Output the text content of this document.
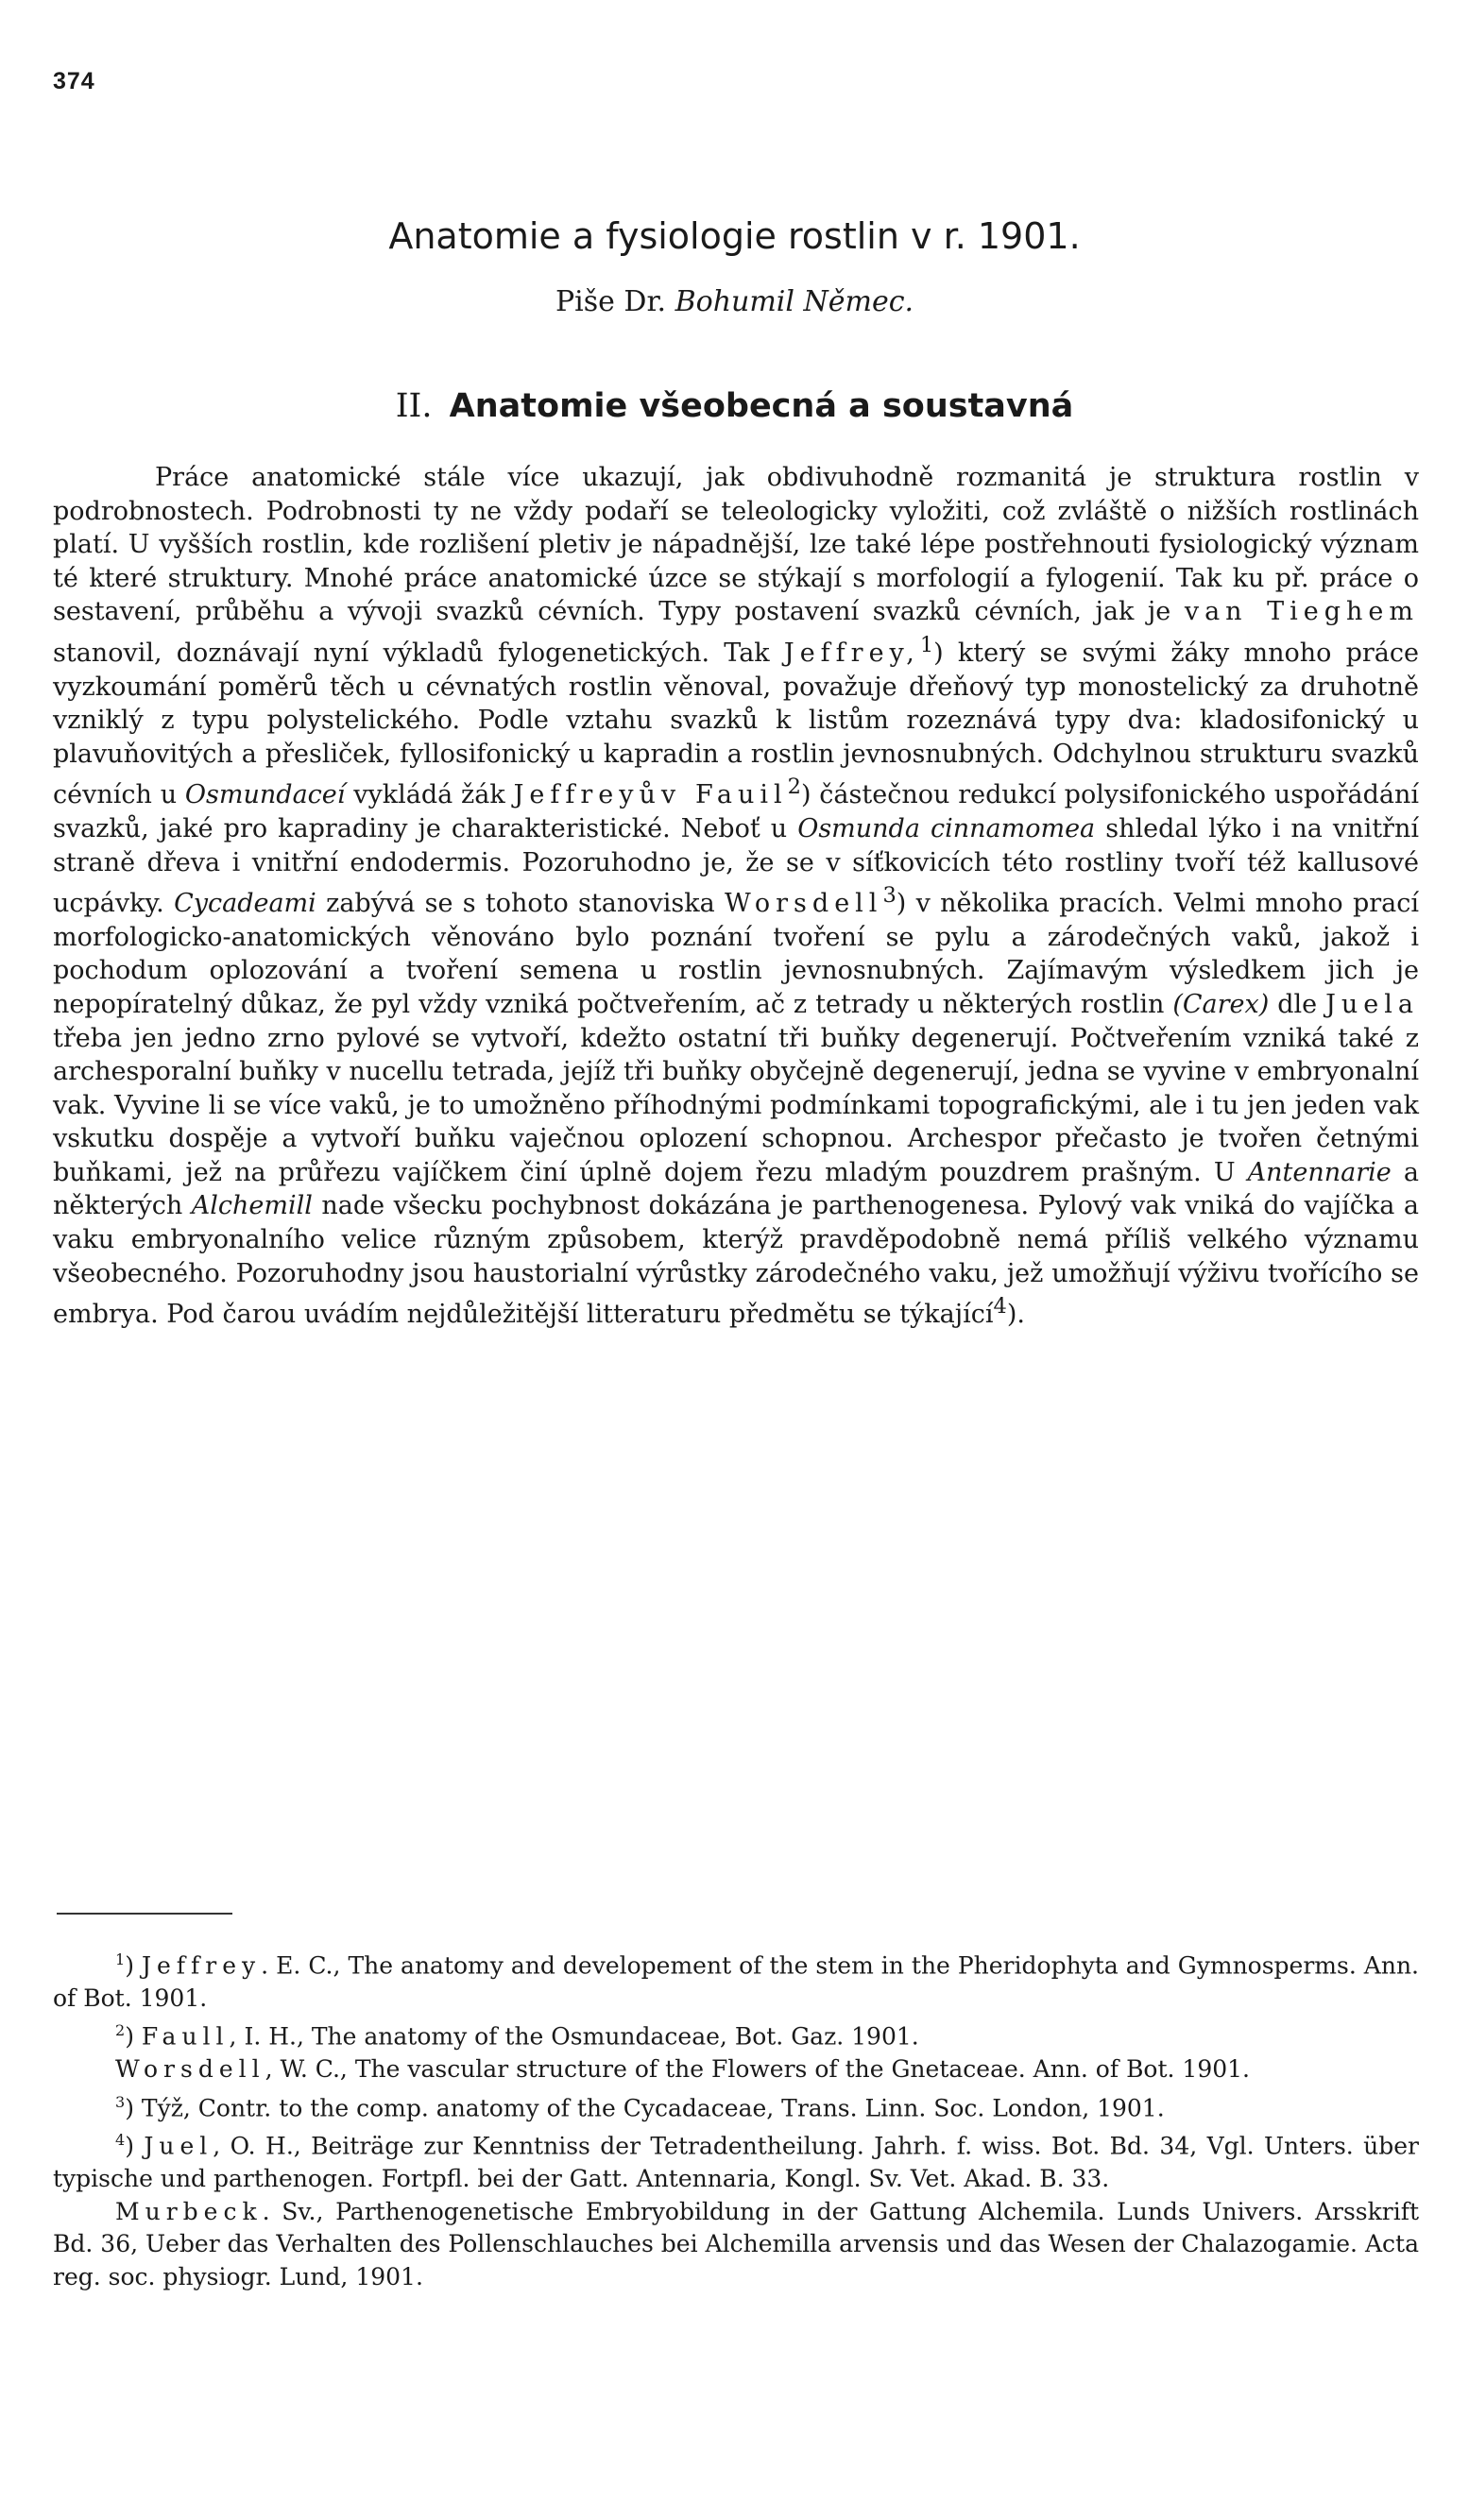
374
Anatomie a fysiologie rostlin v r. 1901.
Piše Dr. Bohumil Němec.
II. Anatomie všeobecná a soustavná

Práce anatomické stále více ukazují, jak obdivuhodně rozmanitá je struktura rostlin v podrobnostech. Podrobnosti ty ne vždy podaří se teleologicky vyložiti, což zvláště o nižších rostlinách platí. U vyšších rostlin, kde rozlišení pletiv je nápadnější, lze také lépe postřehnouti fysiologický význam té které struktury. Mnohé práce anatomické úzce se stýkají s morfologií a fylogenií. Tak ku př. práce o sestavení, průběhu a vývoji svazků cévních. Typy postavení svazků cévních, jak je van Tieghem stanovil, doznávají nyní výkladů fylogenetických. Tak Jeffrey,$^1$) který se svými žáky mnoho práce vyzkoumání poměrů těch u cévnatých rostlin věnoval, považuje dřeňový typ monostelický za druhotně vzniklý z typu polystelického. Podle vztahu svazků k listům rozeznává typy dva: kladosifonický u plavuňovitých a přesliček, fyllosifonický u kapradin a rostlin jevnosnubných. Odchylnou strukturu svazků cévních u Osmundaceí vykládá žák Jeffreyův Fauil$^2$) částečnou redukcí polysifonického uspořádání svazků, jaké pro kapradiny je charakteristické. Neboť u Osmunda cinnamomea shledal lýko i na vnitřní straně dřeva i vnitřní endodermis. Pozoruhodno je, že se v síťkovicích této rostliny tvoří též kallusové ucpávky. Cycadeami zabývá se s tohoto stanoviska Worsdell$^3$) v několika pracích. Velmi mnoho prací morfologicko-anatomických věnováno bylo poznání tvoření se pylu a zárodečných vaků, jakož i pochodum oplozování a tvoření semena u rostlin jevnosnubných. Zajímavým výsledkem jich je nepopíratelný důkaz, že pyl vždy vzniká počtveřením, ač z tetrady u některých rostlin (Carex) dle Juela třeba jen jedno zrno pylové se vytvoří, kdežto ostatní tři buňky degenerují. Počtveřením vzniká také z archesporalní buňky v nucellu tetrada, jejíž tři buňky obyčejně degenerují, jedna se vyvine v embryonalní vak. Vyvine li se více vaků, je to umožněno příhodnými podmínkami topografickými, ale i tu jen jeden vak vskutku dospěje a vytvoří buňku vaječnou oplození schopnou. Archespor přečasto je tvořen četnými buňkami, jež na průřezu vajíčkem činí úplně dojem řezu mladým pouzdrem prašným. U Antennarie a některých Alchemill nade všecku pochybnost dokázána je parthenogenesa. Pylový vak vniká do vajíčka a vaku embryonalního velice různým způsobem, kterýž pravděpodobně nemá příliš velkého významu všeobecného. Pozoruhodny jsou haustorialní výrůstky zárodečného vaku, jež umožňují výživu tvořícího se embrya. Pod čarou uvádím nejdůležitější litteraturu předmětu se týkající$^4$).

$^1$) Jeffrey. E. C., The anatomy and developement of the stem in the Pheridophyta and Gymnosperms. Ann. of Bot. 1901.

$^2$) Faull, I. H., The anatomy of the Osmundaceae, Bot. Gaz. 1901.

Worsdell, W. C., The vascular structure of the Flowers of the Gnetaceae. Ann. of Bot. 1901.

$^3$) Týž, Contr. to the comp. anatomy of the Cycadaceae, Trans. Linn. Soc. London, 1901.

$^4$) Juel, O. H., Beiträge zur Kenntniss der Tetradentheilung. Jahrh. f. wiss. Bot. Bd. 34, Vgl. Unters. über typische und parthenogen. Fortpfl. bei der Gatt. Antennaria, Kongl. Sv. Vet. Akad. B. 33.

Murbeck. Sv., Parthenogenetische Embryobildung in der Gattung Alchemila. Lunds Univers. Arsskrift Bd. 36, Ueber das Verhalten des Pollenschlauches bei Alchemilla arvensis und das Wesen der Chalazogamie. Acta reg. soc. physiogr. Lund, 1901.
